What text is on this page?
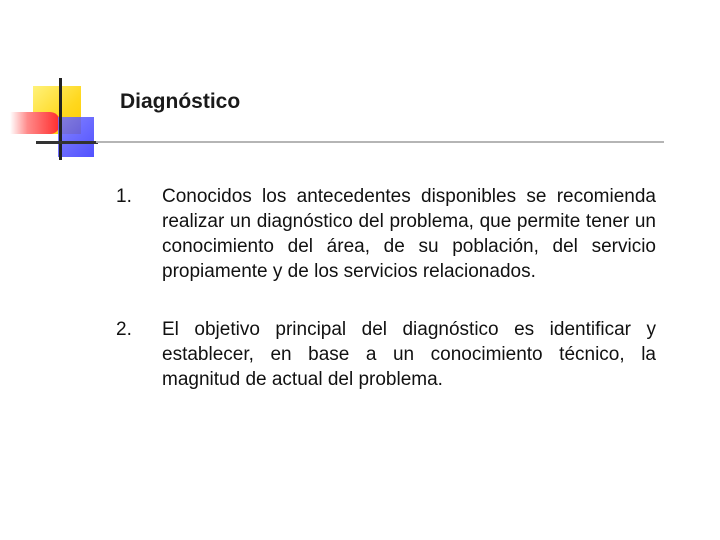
Diagnóstico
1.	Conocidos los antecedentes disponibles se recomienda realizar un diagnóstico del problema, que permite tener un conocimiento del área, de su población, del servicio propiamente y de los servicios relacionados.
2.	El objetivo principal del diagnóstico es identificar y establecer, en base a un conocimiento técnico, la magnitud de actual del problema.
